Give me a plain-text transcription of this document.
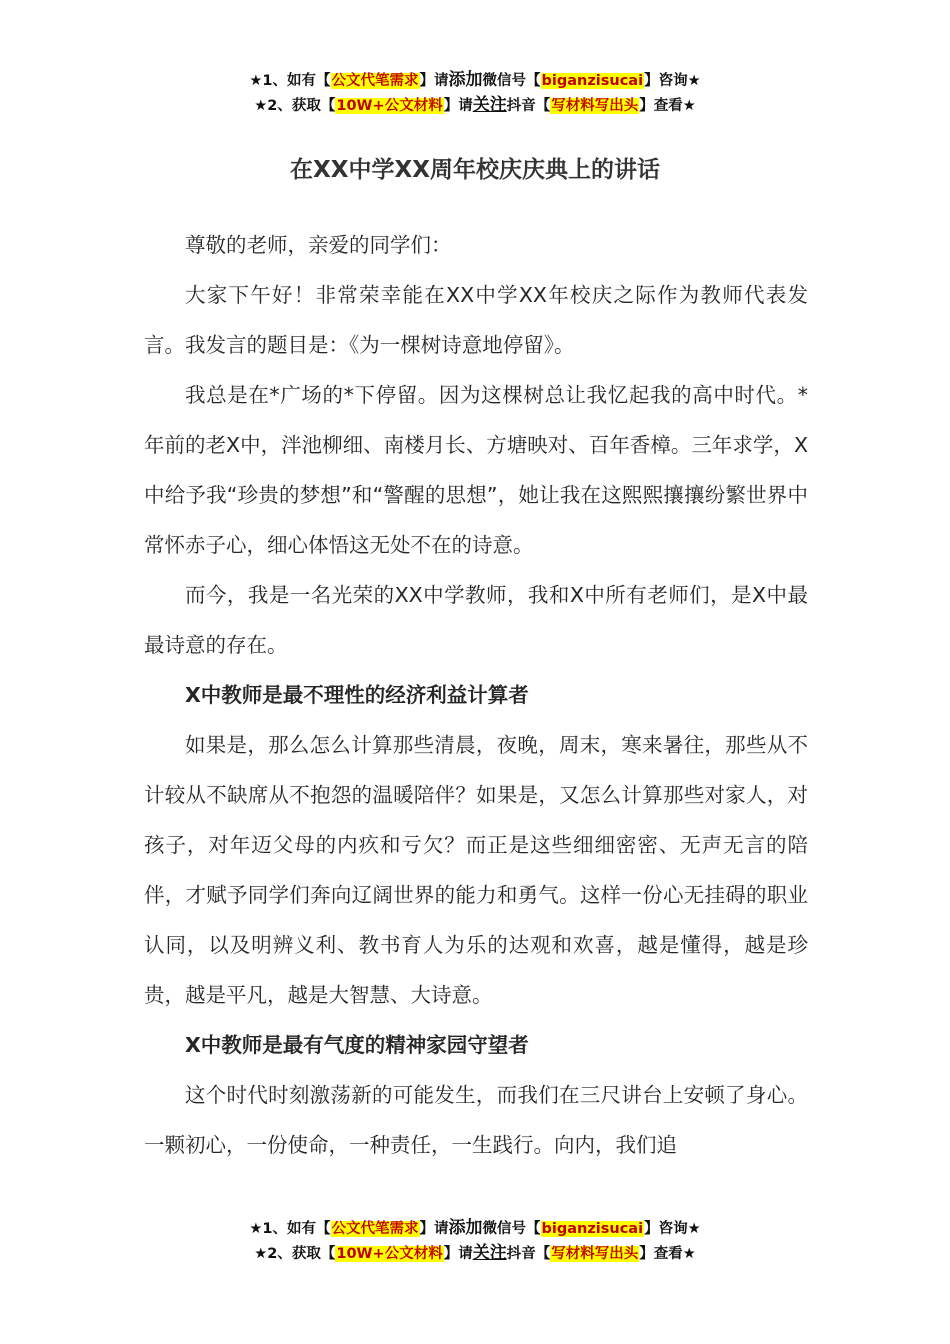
★1、如有【公文代笔需求】请添加微信号【biganzisucai】咨询★
★2、获取【10W+公文材料】请关注抖音【写材料写出头】查看★
在XX中学XX周年校庆庆典上的讲话

尊敬的老师，亲爱的同学们：

大家下午好！非常荣幸能在XX中学XX年校庆之际作为教师代表发言。我发言的题目是：《为一棵树诗意地停留》。

我总是在*广场的*下停留。因为这棵树总让我忆起我的高中时代。*年前的老X中，泮池柳细、南楼月长、方塘映对、百年香樟。三年求学，X中给予我“珍贵的梦想”和“警醒的思想”，她让我在这熙熙攘攘纷繁世界中常怀赤子心，细心体悟这无处不在的诗意。

而今，我是一名光荣的XX中学教师，我和X中所有老师们，是X中最最诗意的存在。

X中教师是最不理性的经济利益计算者

如果是，那么怎么计算那些清晨，夜晚，周末，寒来暑往，那些从不计较从不缺席从不抱怨的温暖陪伴？如果是，又怎么计算那些对家人，对孩子，对年迈父母的内疚和亏欠？而正是这些细细密密、无声无言的陪伴，才赋予同学们奔向辽阔世界的能力和勇气。这样一份心无挂碍的职业认同，以及明辨义利、教书育人为乐的达观和欢喜，越是懂得，越是珍贵，越是平凡，越是大智慧、大诗意。

X中教师是最有气度的精神家园守望者

这个时代时刻激荡新的可能发生，而我们在三尺讲台上安顿了身心。一颗初心，一份使命，一种责任，一生践行。向内，我们追

★1、如有【公文代笔需求】请添加微信号【biganzisucai】咨询★
★2、获取【10W+公文材料】请关注抖音【写材料写出头】查看★
